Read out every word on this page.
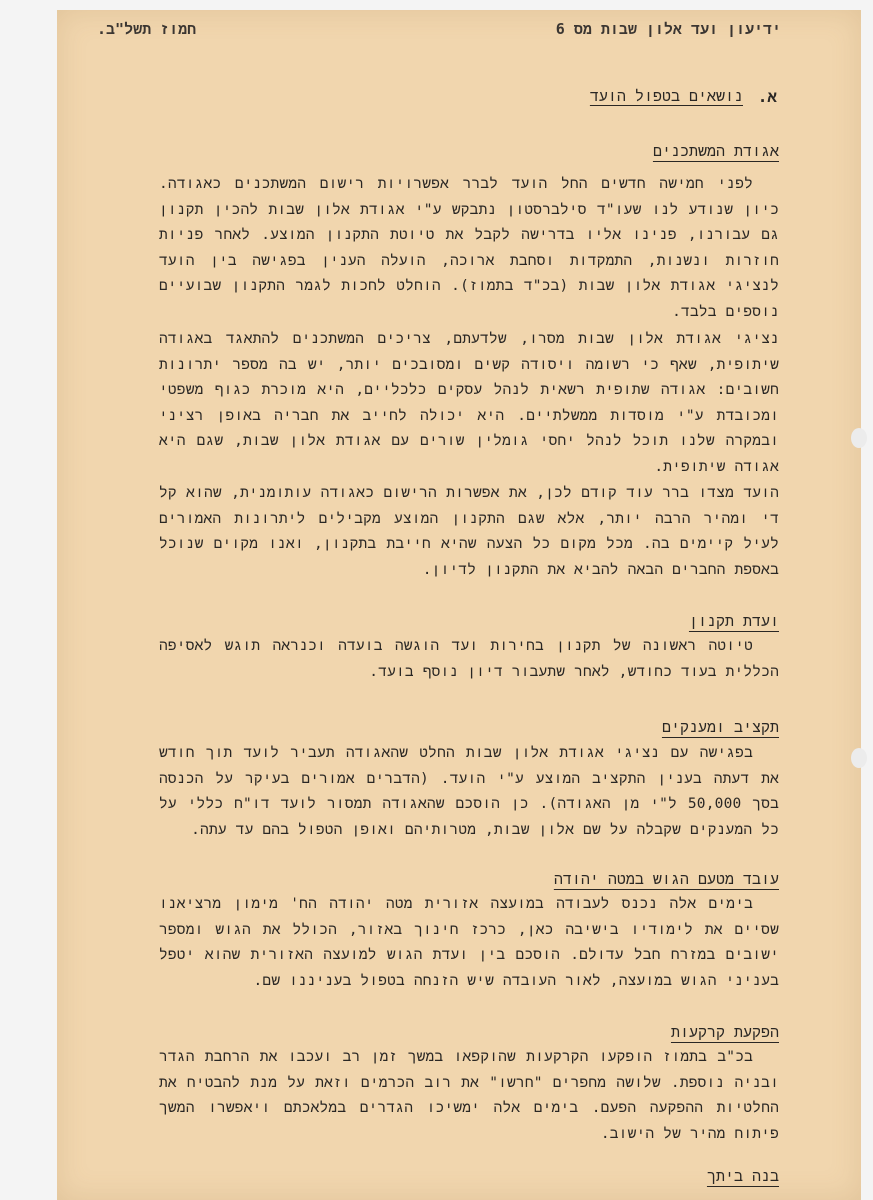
ידיעון ועד אלון שבות מס 6
חמוז תשל"ב.
א.
נושאים בטפול הועד
אגודת המשתכנים
לפני חמישה חדשים החל הועד לברר אפשרויות רישום המשתכנים כאגודה. כיון שנודע לנו שעו"ד סילברסטון נתבקש ע"י אגודת אלון שבות להכין תקנון גם עבורנו, פנינו אליו בדרישה לקבל את טיוטת התקנון המוצע. לאחר פניות חוזרות ונשנות, התמקדות וסחבת ארוכה, הועלה הענין בפגישה בין הועד לנציגי אגודת אלון שבות (בכ"ד בתמוז). הוחלט לחכות לגמר התקנון שבועיים נוספים בלבד.
נציגי אגודת אלון שבות מסרו, שלדעתם, צריכים המשתכנים להתאגד באגודה שיתופית, שאף כי רשומה ויסודה קשים ומסובכים יותר, יש בה מספר יתרונות חשובים: אגודה שתופית רשאית לנהל עסקים כלכליים, היא מוכרת כגוף משפטי ומכובדת ע"י מוסדות ממשלתיים. היא יכולה לחייב את חבריה באופן רציני ובמקרה שלנו תוכל לנהל יחסי גומלין שורים עם אגודת אלון שבות, שגם היא אגודה שיתופית.
הועד מצדו ברר עוד קודם לכן, את אפשרות הרישום כאגודה עותומנית, שהוא קל די ומהיר הרבה יותר, אלא שגם התקנון המוצע מקבילים ליתרונות האמורים לעיל קיימים בה. מכל מקום כל הצעה שהיא חייבת בתקנון, ואנו מקוים שנוכל באספת החברים הבאה להביא את התקנון לדיון.
ועדת תקנון
טיוטה ראשונה של תקנון בחירות ועד הוגשה בועדה וכנראה תוגש לאסיפה הכללית בעוד כחודש, לאחר שתעבור דיון נוסף בועד.
תקציב ומענקים
בפגישה עם נציגי אגודת אלון שבות החלט שהאגודה תעביר לועד תוך חודש את דעתה בענין התקציב המוצע ע"י הועד. (הדברים אמורים בעיקר על הכנסה בסך 50,000 ל"י מן האגודה). כן הוסכם שהאגודה תמסור לועד דו"ח כללי על כל המענקים שקבלה על שם אלון שבות, מטרותיהם ואופן הטפול בהם עד עתה.
עובד מטעם הגוש במטה יהודה
בימים אלה נכנס לעבודה במועצה אזורית מטה יהודה הח' מימון מרציאנו שסיים את לימודיו בישיבה כאן, כרכז חינוך באזור, הכולל את הגוש ומספר ישובים במזרח חבל עדולם. הוסכם בין ועדת הגוש למועצה האזורית שהוא יטפל בעניני הגוש במועצה, לאור העובדה שיש הזנחה בטפול בעניננו שם.
הפקעת קרקעות
בכ"ב בתמוז הופקעו הקרקעות שהוקפאו במשך זמן רב ועכבו את הרחבת הגדר ובניה נוספת. שלושה מחפרים "חרשו" את רוב הכרמים וזאת על מנת להבטיח את החלטיות ההפקעה הפעם. בימים אלה ימשיכו הגדרים במלאכתם ויאפשרו המשך פיתוח מהיר של הישוב.
בנה ביתך
